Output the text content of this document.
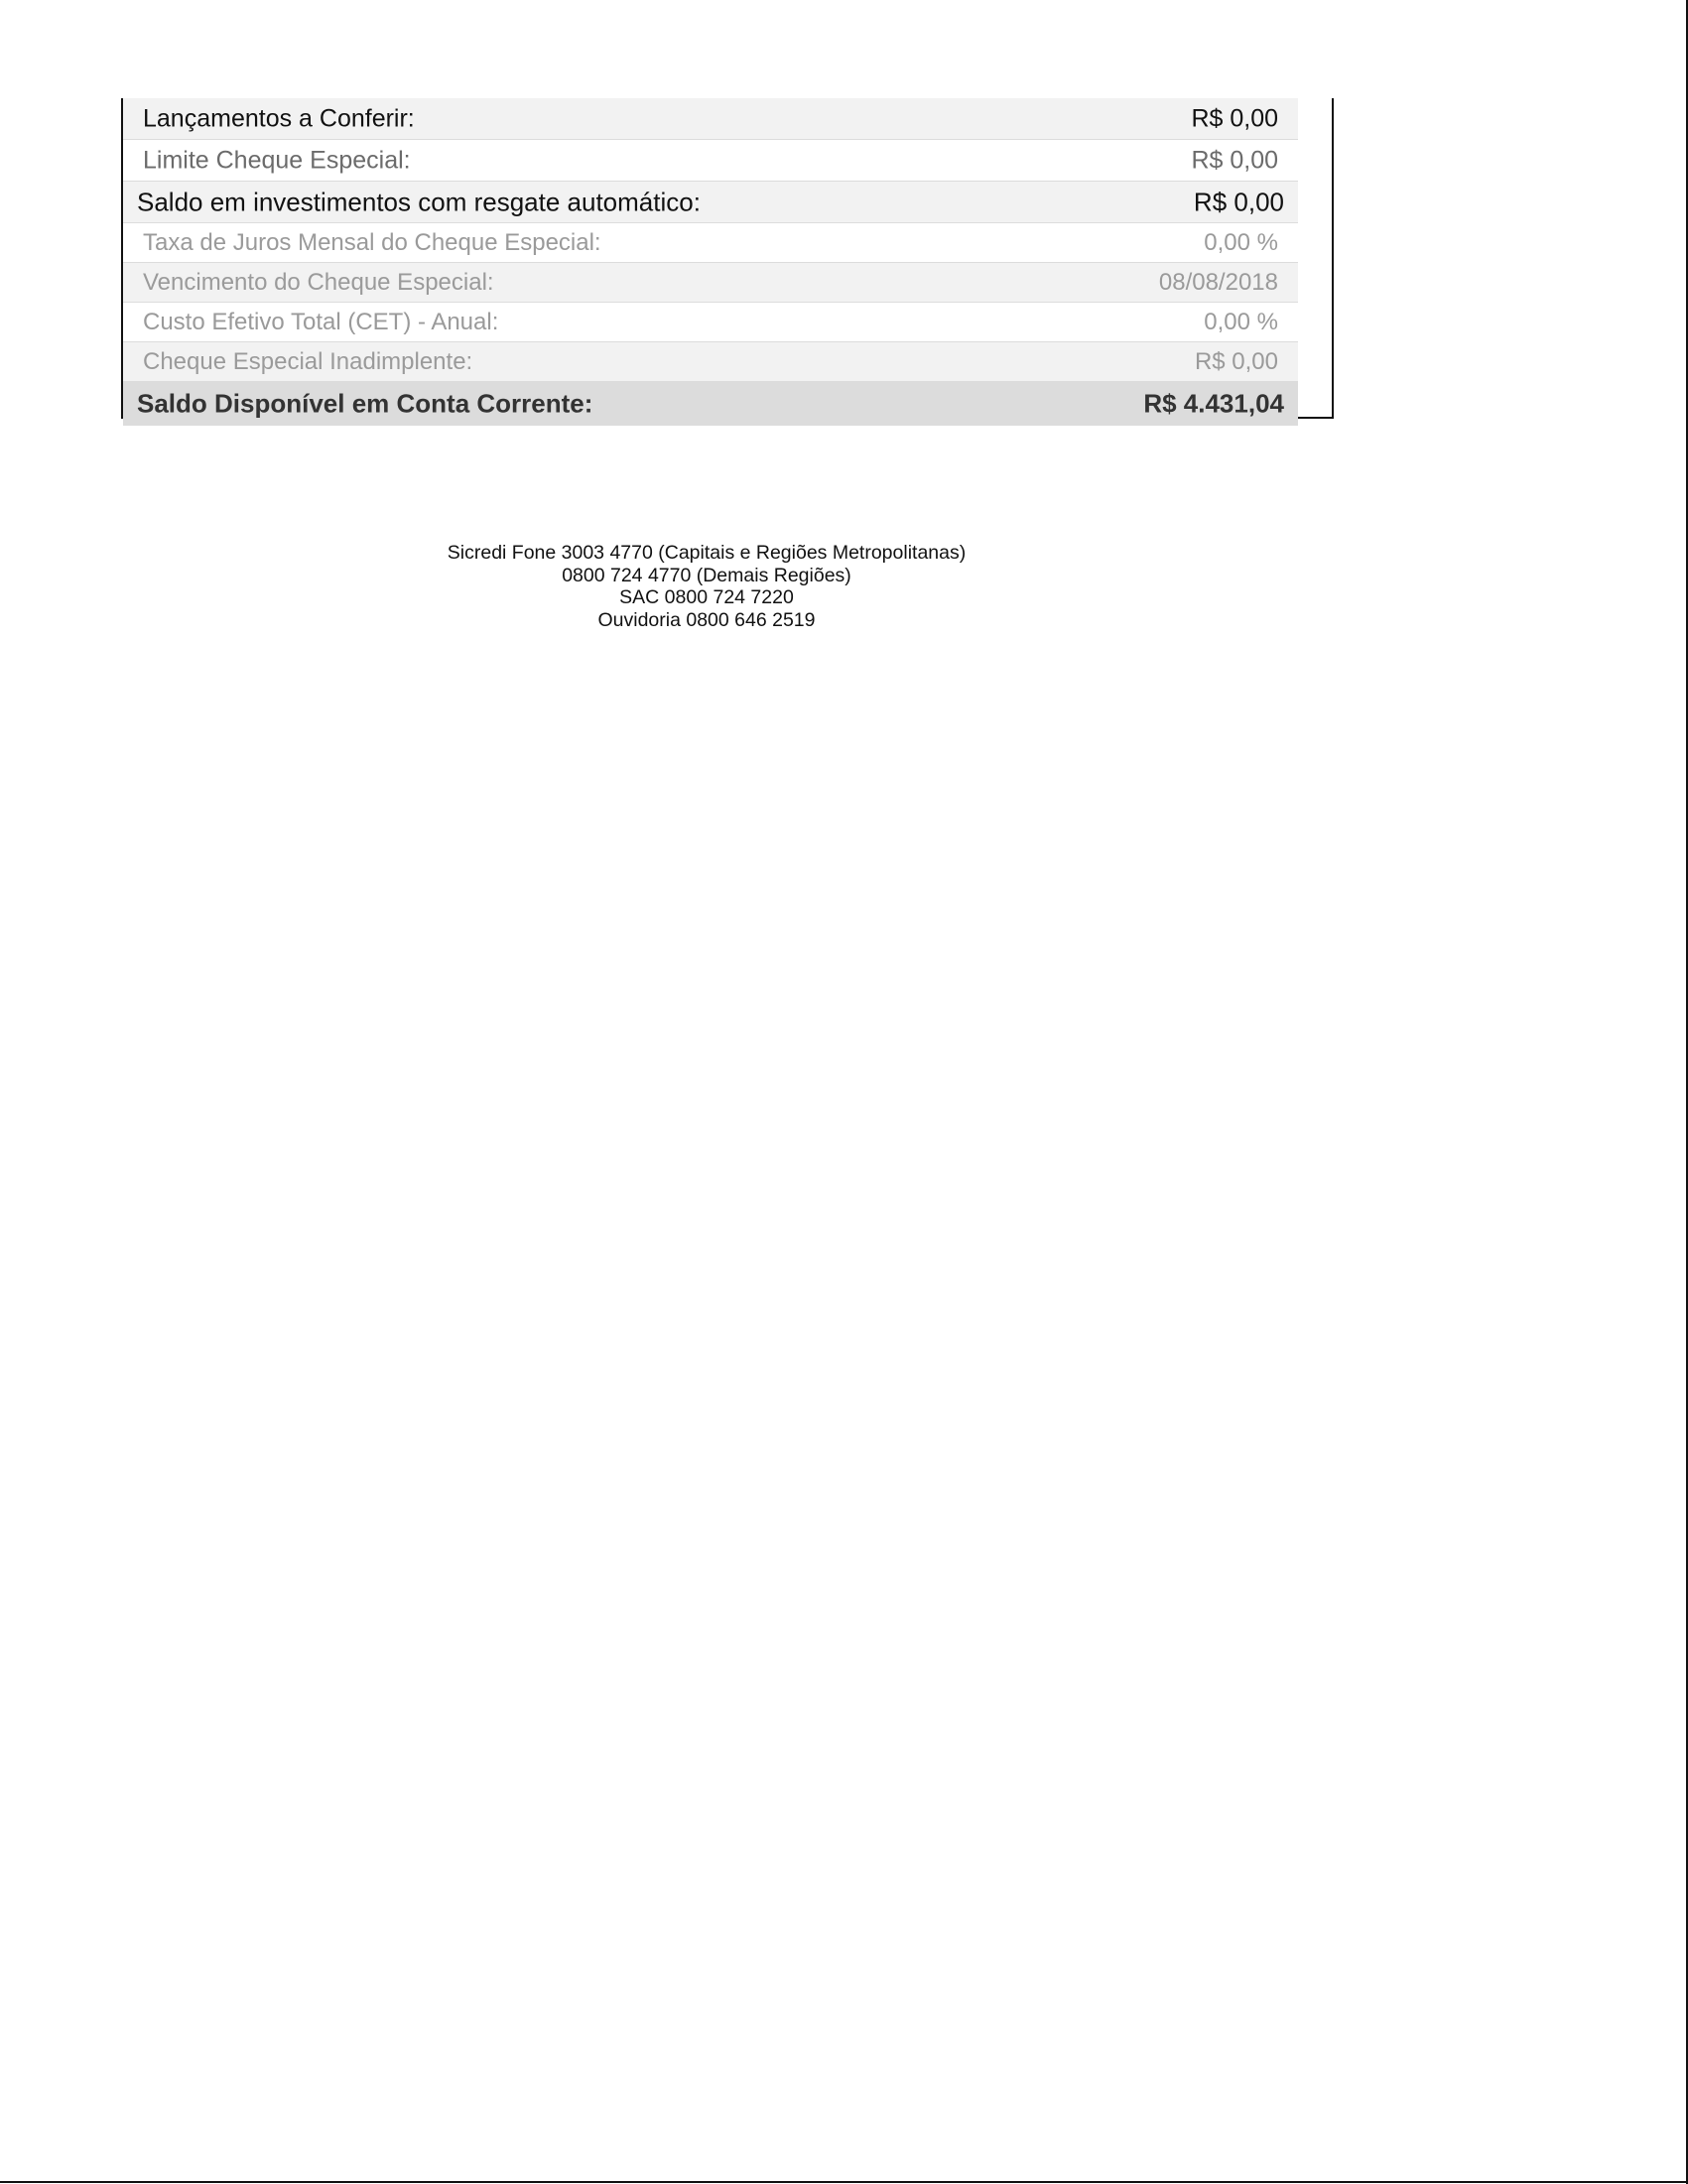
Lançamentos a Conferir:	R$ 0,00
Limite Cheque Especial:	R$ 0,00
Saldo em investimentos com resgate automático:	R$ 0,00
Taxa de Juros Mensal do Cheque Especial:	0,00 %
Vencimento do Cheque Especial:	08/08/2018
Custo Efetivo Total (CET) - Anual:	0,00 %
Cheque Especial Inadimplente:	R$ 0,00
Saldo Disponível em Conta Corrente:	R$ 4.431,04
Sicredi Fone 3003 4770 (Capitais e Regiões Metropolitanas)
0800 724 4770 (Demais Regiões)
SAC 0800 724 7220
Ouvidoria 0800 646 2519
